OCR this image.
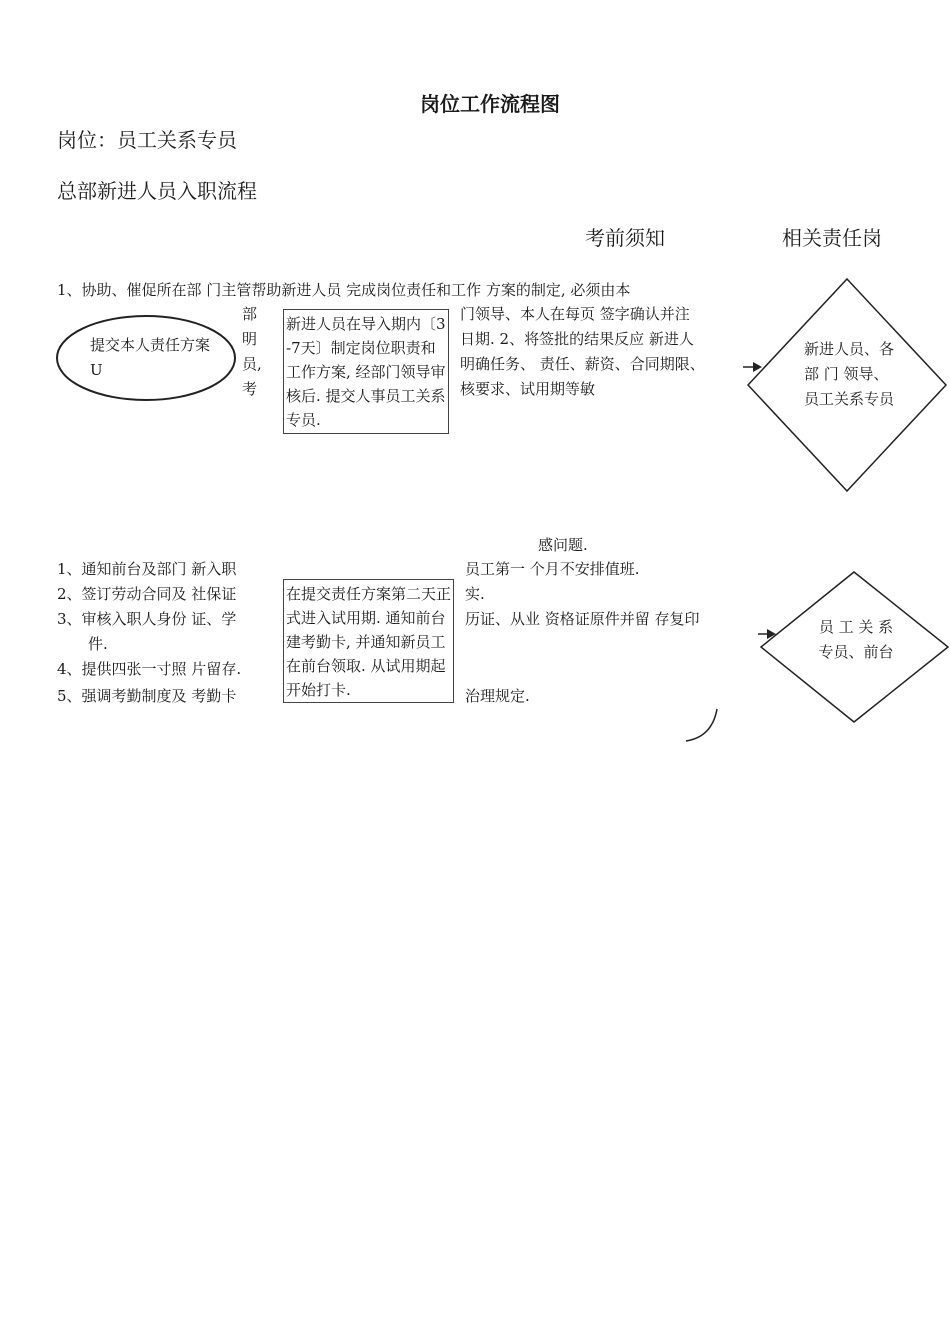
岗位工作流程图
岗位：员工关系专员
总部新进人员入职流程
考前须知	相关责任岗
1、协助、催促所在部 门主管帮助新进人员 完成岗位责任和工作 方案的制定, 必须由本
提交本人责任方案U
部
明
员,
考
新进人员在导入期内〔3-7天〕制定岗位职责和工作方案, 经部门领导审核后. 提交人事员工关系专员.
门领导、本人在每页 签字确认并注
日期. 2、将签批的结果反应 新进人
明确任务、 责任、薪资、合同期限、
核要求、试用期等敏
新进人员、各 部 门 领导、员工关系专员
感问题.
1、通知前台及部门 新入职
2、签订劳动合同及 社保证
3、审核入职人身份 证、学
件.
4、提供四张一寸照 片留存.
5、强调考勤制度及 考勤卡
在提交责任方案第二天正式进入试用期. 通知前台建考勤卡, 并通知新员工在前台领取. 从试用期起开始打卡.
员工第一 个月不安排值班.
实.
历证、从业 资格证原件并留 存复印
治理规定.
员 工 关 系专员、前台
